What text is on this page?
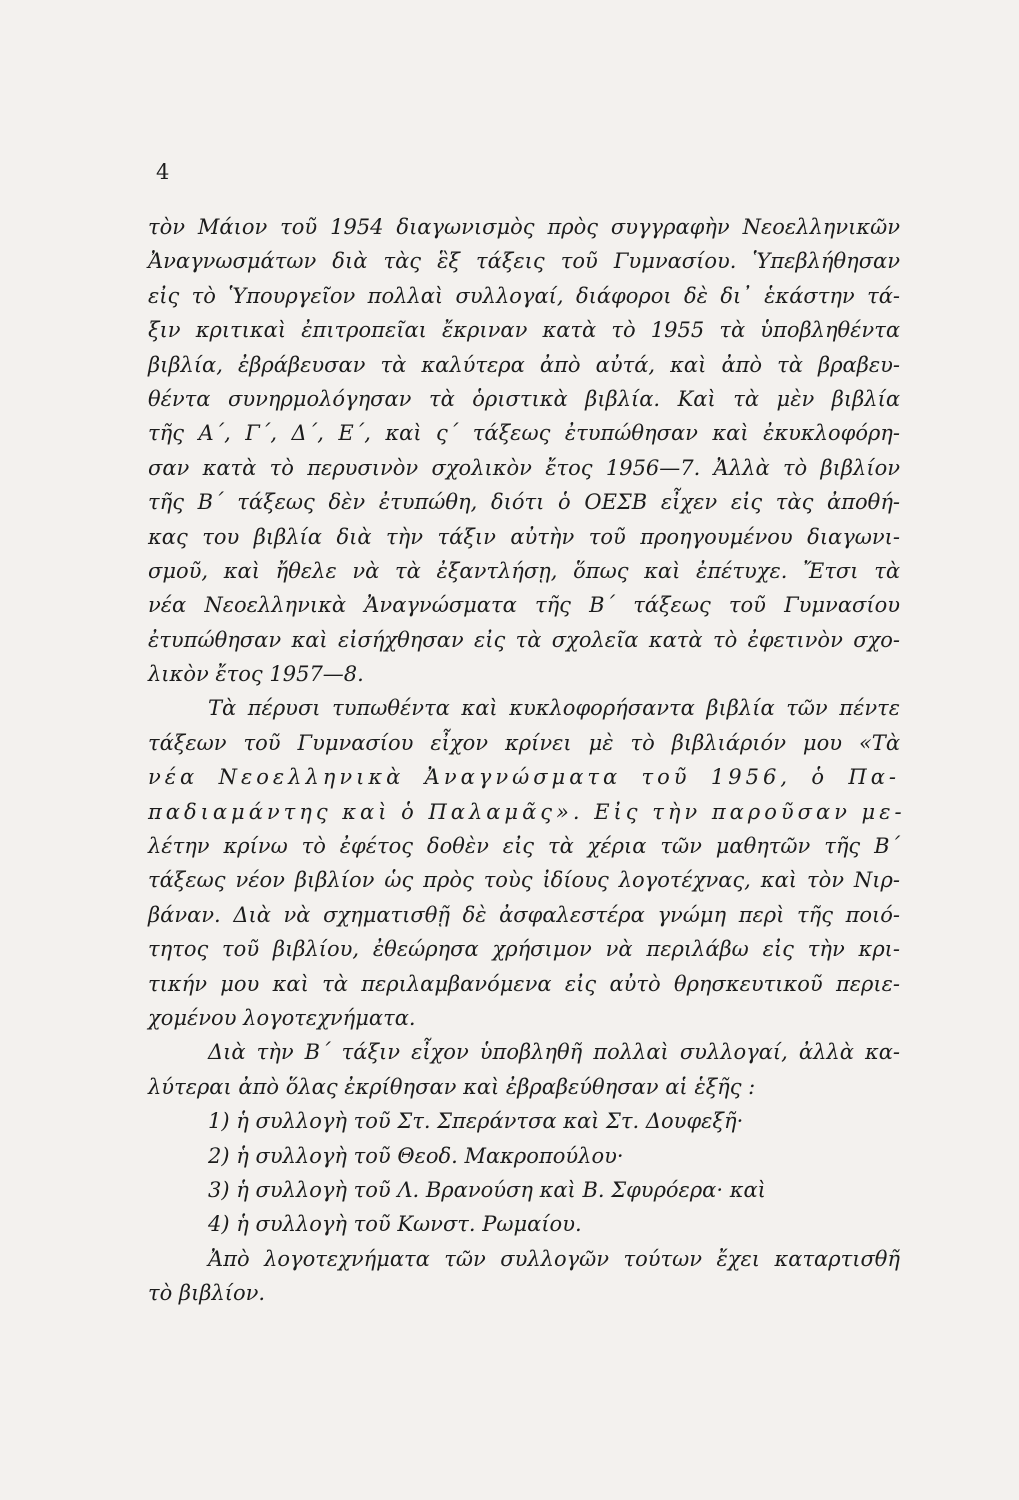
4
τὸν Μάιον τοῦ 1954 διαγωνισμὸς πρὸς συγγραφὴν Νεοελληνικῶν
Ἀναγνωσμάτων διὰ τὰς ἓξ τάξεις τοῦ Γυμνασίου. Ὑπεβλήθησαν
εἰς τὸ Ὑπουργεῖον πολλαὶ συλλογαί, διάφοροι δὲ δι᾽ ἑκάστην τά-
ξιν κριτικαὶ ἐπιτροπεῖαι ἔκριναν κατὰ τὸ 1955 τὰ ὑποβληθέντα
βιβλία, ἐβράβευσαν τὰ καλύτερα ἀπὸ αὐτά, καὶ ἀπὸ τὰ βραβευ-
θέντα συνηρμολόγησαν τὰ ὁριστικὰ βιβλία. Καὶ τὰ μὲν βιβλία
τῆς Α΄, Γ΄, Δ΄, Ε΄, καὶ ς΄ τάξεως ἐτυπώθησαν καὶ ἐκυκλοφόρη-
σαν κατὰ τὸ περυσινὸν σχολικὸν ἔτος 1956—7. Ἀλλὰ τὸ βιβλίον
τῆς Β΄ τάξεως δὲν ἐτυπώθη, διότι ὁ ΟΕΣΒ εἶχεν εἰς τὰς ἀποθή-
κας του βιβλία διὰ τὴν τάξιν αὐτὴν τοῦ προηγουμένου διαγωνι-
σμοῦ, καὶ ἤθελε νὰ τὰ ἐξαντλήσῃ, ὅπως καὶ ἐπέτυχε. Ἔτσι τὰ
νέα Νεοελληνικὰ Ἀναγνώσματα τῆς Β΄ τάξεως τοῦ Γυμνασίου
ἐτυπώθησαν καὶ εἰσήχθησαν εἰς τὰ σχολεῖα κατὰ τὸ ἐφετινὸν σχο-
λικὸν ἔτος 1957—8.
Τὰ πέρυσι τυπωθέντα καὶ κυκλοφορήσαντα βιβλία τῶν πέντε
τάξεων τοῦ Γυμνασίου εἶχον κρίνει μὲ τὸ βιβλιάριόν μου «Τὰ
νέα Νεοελληνικὰ Ἀναγνώσματα τοῦ 1956, ὁ Πα-
παδιαμάντης καὶ ὁ Παλαμᾶς». Εἰς τὴν παροῦσαν με-
λέτην κρίνω τὸ ἐφέτος δοθὲν εἰς τὰ χέρια τῶν μαθητῶν τῆς Β΄
τάξεως νέον βιβλίον ὡς πρὸς τοὺς ἰδίους λογοτέχνας, καὶ τὸν Νιρ-
βάναν. Διὰ νὰ σχηματισθῇ δὲ ἀσφαλεστέρα γνώμη περὶ τῆς ποιό-
τητος τοῦ βιβλίου, ἐθεώρησα χρήσιμον νὰ περιλάβω εἰς τὴν κρι-
τικήν μου καὶ τὰ περιλαμβανόμενα εἰς αὐτὸ θρησκευτικοῦ περιε-
χομένου λογοτεχνήματα.
Διὰ τὴν Β΄ τάξιν εἶχον ὑποβληθῆ πολλαὶ συλλογαί, ἀλλὰ κα-
λύτεραι ἀπὸ ὅλας ἐκρίθησαν καὶ ἐβραβεύθησαν αἱ ἑξῆς :
1) ἡ συλλογὴ τοῦ Στ. Σπεράντσα καὶ Στ. Δουφεξῆ·
2) ἡ συλλογὴ τοῦ Θεοδ. Μακροπούλου·
3) ἡ συλλογὴ τοῦ Λ. Βρανούση καὶ Β. Σφυρόερα· καὶ
4) ἡ συλλογὴ τοῦ Κωνστ. Ρωμαίου.
Ἀπὸ λογοτεχνήματα τῶν συλλογῶν τούτων ἔχει καταρτισθῆ
τὸ βιβλίον.
